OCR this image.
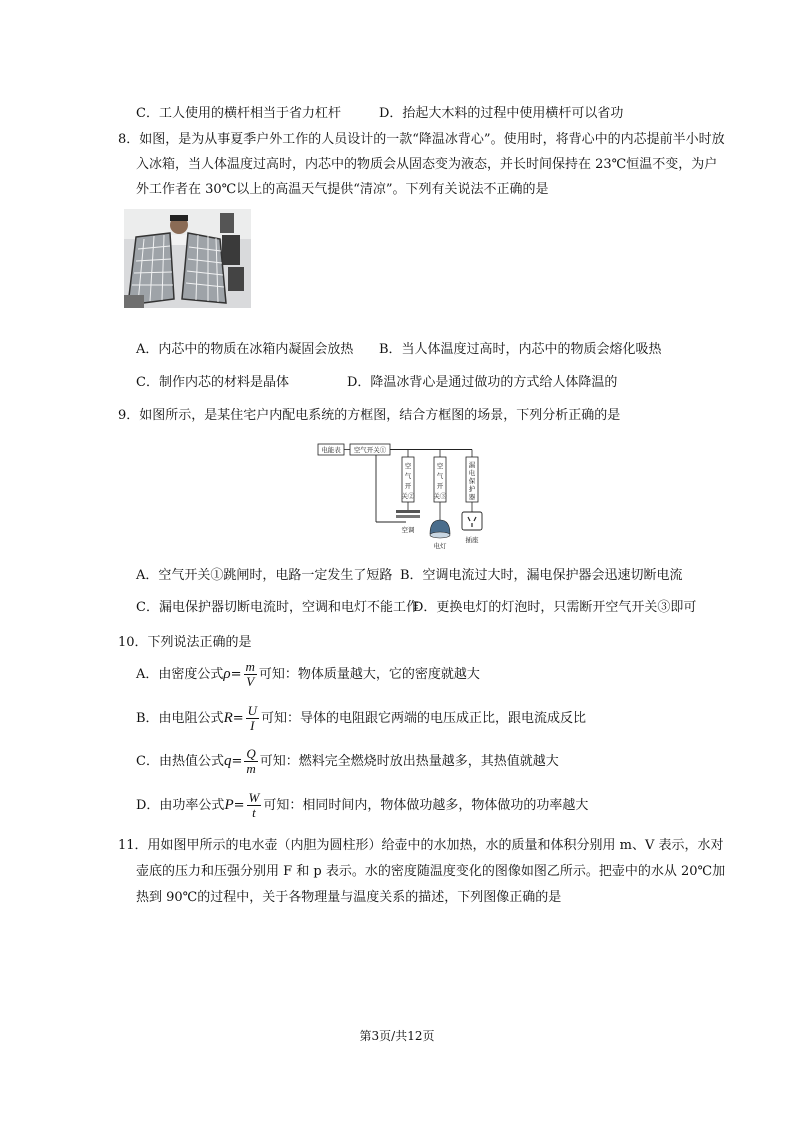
C．工人使用的横杆相当于省力杠杆	D．抬起大木料的过程中使用横杆可以省功
8．如图，是为从事夏季户外工作的人员设计的一款“降温冰背心”。使用时，将背心中的内芯提前半小时放
入冰箱，当人体温度过高时，内芯中的物质会从固态变为液态，并长时间保持在 23℃恒温不变，为户
外工作者在 30℃以上的高温天气提供“清凉”。下列有关说法不正确的是
A．内芯中的物质在冰箱内凝固会放热 B．当人体温度过高时，内芯中的物质会熔化吸热
C．制作内芯的材料是晶体	D．降温冰背心是通过做功的方式给人体降温的
9．如图所示，是某住宅户内配电系统的方框图，结合方框图的场景，下列分析正确的是
电能表 空气开关①
空
气
开
关②
空调
空
气
开
关③
电灯
漏
电
保
护
器
插座
A．空气开关①跳闸时，电路一定发生了短路 B．空调电流过大时，漏电保护器会迅速切断电流
C．漏电保护器切断电流时，空调和电灯不能工作
D．更换电灯的灯泡时，只需断开空气开关③即可
10．下列说法正确的是
A．由密度公式$\rho= \frac{m}{V}$ 可知：物体质量越大，它的密度就越大
B．由电阻公式$R= \frac{U}{I}$ 可知：导体的电阻跟它两端的电压成正比，跟电流成反比
C．由热值公式$q= \frac{Q}{m}$ 可知：燃料完全燃烧时放出热量越多，其热值就越大
D．由功率公式$P= \frac{W}{t}$ 可知：相同时间内，物体做功越多，物体做功的功率越大
11．用如图甲所示的电水壶（内胆为圆柱形）给壶中的水加热，水的质量和体积分别用 m、V 表示，水对
壶底的压力和压强分别用 F 和 p 表示。水的密度随温度变化的图像如图乙所示。把壶中的水从 20℃加
热到 90℃的过程中，关于各物理量与温度关系的描述，下列图像正确的是
第3页/共12页
